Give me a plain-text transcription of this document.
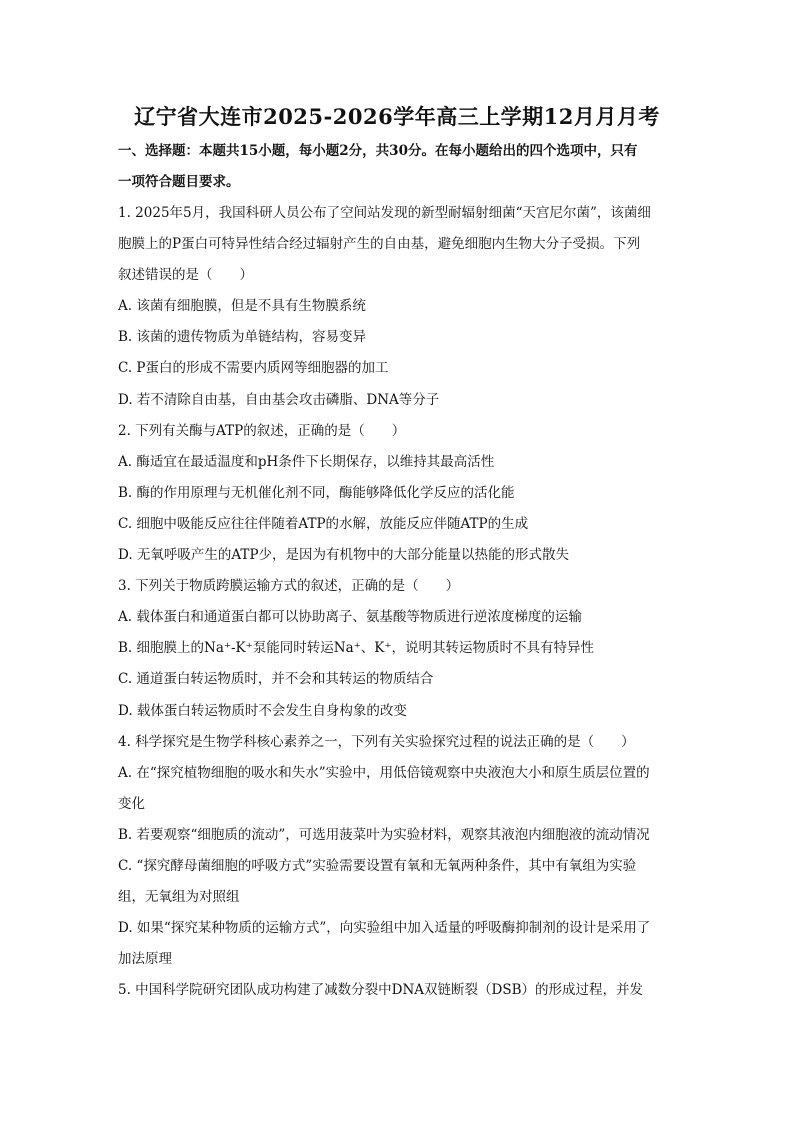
辽宁省大连市2025-2026学年高三上学期12月月月考

一、选择题：本题共15小题，每小题2分，共30分。在每小题给出的四个选项中，只有

一项符合题目要求。

1. 2025年5月，我国科研人员公布了空间站发现的新型耐辐射细菌“天宫尼尔菌”，该菌细

胞膜上的P蛋白可特异性结合经过辐射产生的自由基，避免细胞内生物大分子受损。下列

叙述错误的是（　　）

A. 该菌有细胞膜，但是不具有生物膜系统

B. 该菌的遗传物质为单链结构，容易变异

C. P蛋白的形成不需要内质网等细胞器的加工

D. 若不清除自由基，自由基会攻击磷脂、DNA等分子

2. 下列有关酶与ATP的叙述，正确的是（　　）

A. 酶适宜在最适温度和pH条件下长期保存，以维持其最高活性

B. 酶的作用原理与无机催化剂不同，酶能够降低化学反应的活化能

C. 细胞中吸能反应往往伴随着ATP的水解，放能反应伴随ATP的生成

D. 无氧呼吸产生的ATP少，是因为有机物中的大部分能量以热能的形式散失

3. 下列关于物质跨膜运输方式的叙述，正确的是（　　）

A. 载体蛋白和通道蛋白都可以协助离子、氨基酸等物质进行逆浓度梯度的运输

B. 细胞膜上的Na⁺-K⁺泵能同时转运Na⁺、K⁺，说明其转运物质时不具有特异性

C. 通道蛋白转运物质时，并不会和其转运的物质结合

D. 载体蛋白转运物质时不会发生自身构象的改变

4. 科学探究是生物学科核心素养之一，下列有关实验探究过程的说法正确的是（　　）

A. 在“探究植物细胞的吸水和失水”实验中，用低倍镜观察中央液泡大小和原生质层位置的

变化

B. 若要观察“细胞质的流动”，可选用菠菜叶为实验材料，观察其液泡内细胞液的流动情况

C. “探究酵母菌细胞的呼吸方式”实验需要设置有氧和无氧两种条件，其中有氧组为实验

组，无氧组为对照组

D. 如果“探究某种物质的运输方式”，向实验组中加入适量的呼吸酶抑制剂的设计是采用了

加法原理

5. 中国科学院研究团队成功构建了减数分裂中DNA双链断裂（DSB）的形成过程，并发
